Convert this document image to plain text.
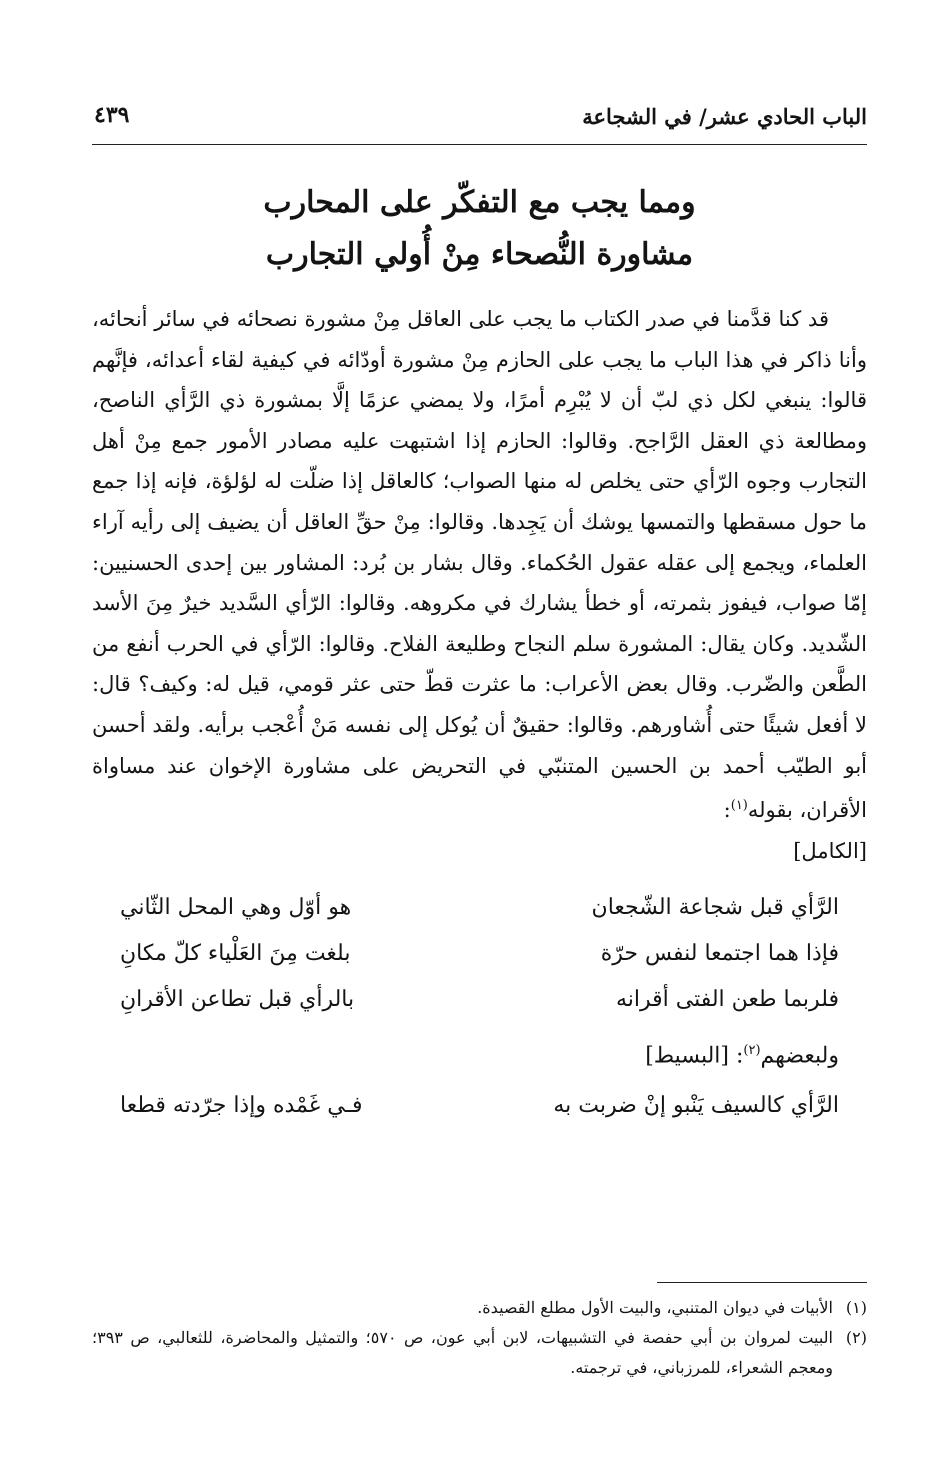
الباب الحادي عشر/ في الشجاعة
٤٣٩
ومما يجب مع التفكّر على المحارب
مشاورة النُّصحاء مِنْ أُولي التجارب
قد كنا قدَّمنا في صدر الكتاب ما يجب على العاقل مِنْ مشورة نصحائه في سائر أنحائه، وأنا ذاكر في هذا الباب ما يجب على الحازم مِنْ مشورة أودّائه في كيفية لقاء أعدائه، فإنَّهم قالوا: ينبغي لكل ذي لبّ أن لا يُبْرِم أمرًا، ولا يمضي عزمًا إلَّا بمشورة ذي الرَّأي الناصح، ومطالعة ذي العقل الرَّاجح. وقالوا: الحازم إذا اشتبهت عليه مصادر الأمور جمع مِنْ أهل التجارب وجوه الرّأي حتى يخلص له منها الصواب؛ كالعاقل إذا ضلّت له لؤلؤة، فإنه إذا جمع ما حول مسقطها والتمسها يوشك أن يَجِدها. وقالوا: مِنْ حقِّ العاقل أن يضيف إلى رأيه آراء العلماء، ويجمع إلى عقله عقول الحُكماء. وقال بشار بن بُرد: المشاور بين إحدى الحسنيين: إمّا صواب، فيفوز بثمرته، أو خطأ يشارك في مكروهه. وقالوا: الرّأي السَّديد خيرٌ مِنَ الأسد الشّديد. وكان يقال: المشورة سلم النجاح وطليعة الفلاح. وقالوا: الرّأي في الحرب أنفع من الطَّعن والضّرب. وقال بعض الأعراب: ما عثرت قطّ حتى عثر قومي، قيل له: وكيف؟ قال: لا أفعل شيئًا حتى أُشاورهم. وقالوا: حقيقٌ أن يُوكل إلى نفسه مَنْ أُعْجب برأيه. ولقد أحسن أبو الطيّب أحمد بن الحسين المتنبّي في التحريض على مشاورة الإخوان عند مساواة الأقران، بقوله$^{(١)}$:
[الكامل]
الرَّأي قبل شجاعة الشّجعان
هو أوّل وهي المحل الثّاني
فإذا هما اجتمعا لنفس حرّة
بلغت مِنَ العَلْياء كلّ مكانِ
فلربما طعن الفتى أقرانه
بالرأي قبل تطاعن الأقرانِ
ولبعضهم$^{(٢)}$: [البسيط]
الرَّأي كالسيف يَنْبو إنْ ضربت به
فـي غَمْده وإذا جرّدته قطعا
(١)
الأبيات في ديوان المتنبي، والبيت الأول مطلع القصيدة.
(٢)
البيت لمروان بن أبي حفصة في التشبيهات، لابن أبي عون، ص ٥٧٠؛ والتمثيل والمحاضرة، للثعالبي، ص ٣٩٣؛ ومعجم الشعراء، للمرزباني، في ترجمته.
